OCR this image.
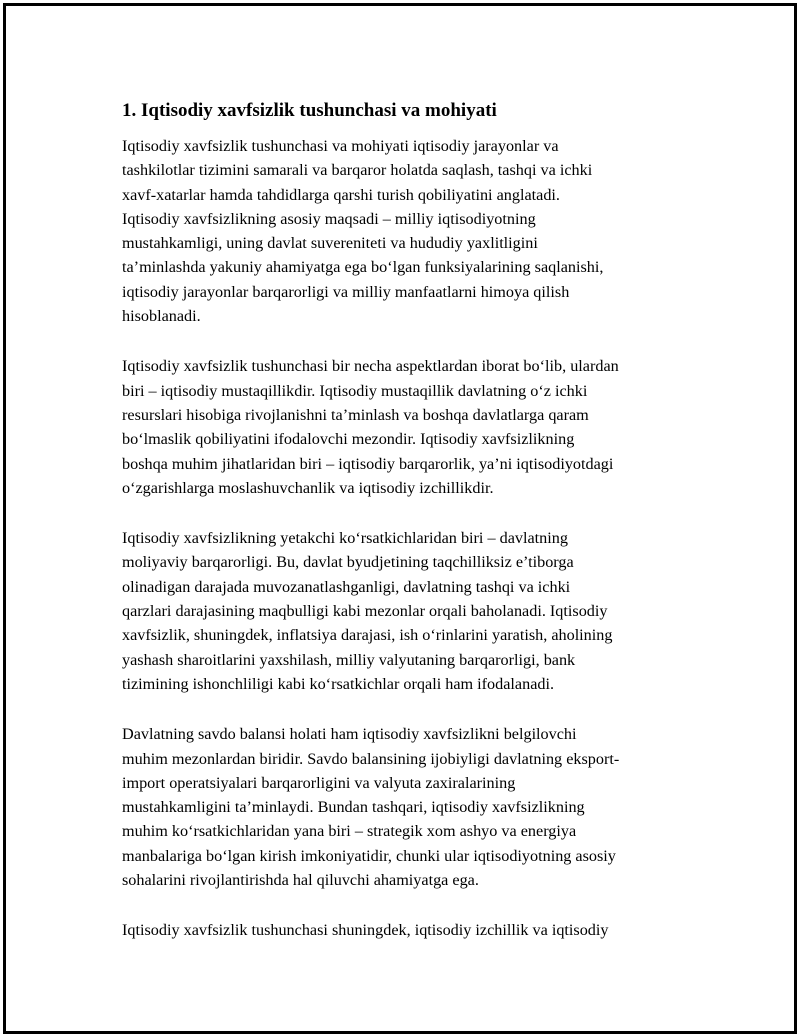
1. Iqtisodiy xavfsizlik tushunchasi va mohiyati

Iqtisodiy xavfsizlik tushunchasi va mohiyati iqtisodiy jarayonlar va
tashkilotlar tizimini samarali va barqaror holatda saqlash, tashqi va ichki
xavf-xatarlar hamda tahdidlarga qarshi turish qobiliyatini anglatadi.
Iqtisodiy xavfsizlikning asosiy maqsadi – milliy iqtisodiyotning
mustahkamligi, uning davlat suvereniteti va hududiy yaxlitligini
ta’minlashda yakuniy ahamiyatga ega bo‘lgan funksiyalarining saqlanishi,
iqtisodiy jarayonlar barqarorligi va milliy manfaatlarni himoya qilish
hisoblanadi.

Iqtisodiy xavfsizlik tushunchasi bir necha aspektlardan iborat bo‘lib, ulardan
biri – iqtisodiy mustaqillikdir. Iqtisodiy mustaqillik davlatning o‘z ichki
resurslari hisobiga rivojlanishni ta’minlash va boshqa davlatlarga qaram
bo‘lmaslik qobiliyatini ifodalovchi mezondir. Iqtisodiy xavfsizlikning
boshqa muhim jihatlaridan biri – iqtisodiy barqarorlik, ya’ni iqtisodiyotdagi
o‘zgarishlarga moslashuvchanlik va iqtisodiy izchillikdir.

Iqtisodiy xavfsizlikning yetakchi ko‘rsatkichlaridan biri – davlatning
moliyaviy barqarorligi. Bu, davlat byudjetining taqchilliksiz e’tiborga
olinadigan darajada muvozanatlashganligi, davlatning tashqi va ichki
qarzlari darajasining maqbulligi kabi mezonlar orqali baholanadi. Iqtisodiy
xavfsizlik, shuningdek, inflatsiya darajasi, ish o‘rinlarini yaratish, aholining
yashash sharoitlarini yaxshilash, milliy valyutaning barqarorligi, bank
tizimining ishonchliligi kabi ko‘rsatkichlar orqali ham ifodalanadi.

Davlatning savdo balansi holati ham iqtisodiy xavfsizlikni belgilovchi
muhim mezonlardan biridir. Savdo balansining ijobiyligi davlatning eksport-
import operatsiyalari barqarorligini va valyuta zaxiralarining
mustahkamligini ta’minlaydi. Bundan tashqari, iqtisodiy xavfsizlikning
muhim ko‘rsatkichlaridan yana biri – strategik xom ashyo va energiya
manbalariga bo‘lgan kirish imkoniyatidir, chunki ular iqtisodiyotning asosiy
sohalarini rivojlantirishda hal qiluvchi ahamiyatga ega.

Iqtisodiy xavfsizlik tushunchasi shuningdek, iqtisodiy izchillik va iqtisodiy
